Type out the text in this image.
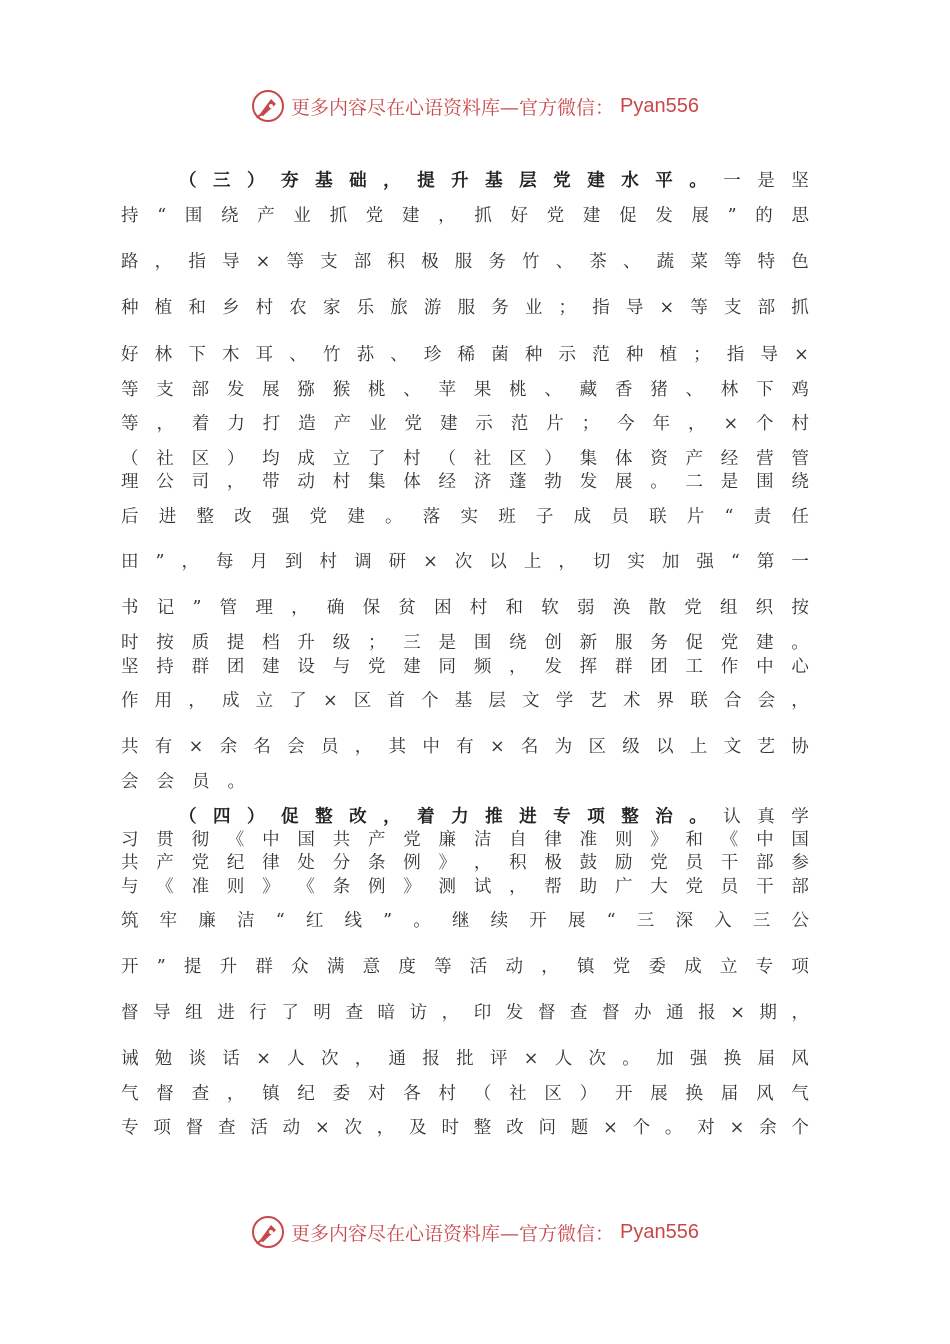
更多内容尽在心语资料库—官方微信： Pyan556
（ 三 ） 夯 基 础 ， 提 升 基 层 党 建 水 平 。 一 是 坚
持 “ 围 绕 产 业 抓 党 建 ， 抓 好 党 建 促 发 展 ” 的 思
路 ， 指 导 × 等 支 部 积 极 服 务 竹 、 茶 、 蔬 菜 等 特 色
种 植 和 乡 村 农 家 乐 旅 游 服 务 业 ； 指 导 × 等 支 部 抓
好 林 下 木 耳 、 竹 荪 、 珍 稀 菌 种 示 范 种 植 ； 指 导 ×
等 支 部 发 展 猕 猴 桃 、 苹 果 桃 、 藏 香 猪 、 林 下 鸡
等 ， 着 力 打 造 产 业 党 建 示 范 片 ； 今 年 ， × 个 村
（ 社 区 ） 均 成 立 了 村 （ 社 区 ） 集 体 资 产 经 营 管
理 公 司 ， 带 动 村 集 体 经 济 蓬 勃 发 展 。 二 是 围 绕
后 进 整 改 强 党 建 。 落 实 班 子 成 员 联 片 “ 责 任
田 ” ， 每 月 到 村 调 研 × 次 以 上 ， 切 实 加 强 “ 第 一
书 记 ” 管 理 ， 确 保 贫 困 村 和 软 弱 涣 散 党 组 织 按
时 按 质 提 档 升 级 ； 三 是 围 绕 创 新 服 务 促 党 建 。
坚 持 群 团 建 设 与 党 建 同 频 ， 发 挥 群 团 工 作 中 心
作 用 ， 成 立 了 × 区 首 个 基 层 文 学 艺 术 界 联 合 会 ，
共 有 × 余 名 会 员 ， 其 中 有 × 名 为 区 级 以 上 文 艺 协
会 会 员 。
（ 四 ） 促 整 改 ， 着 力 推 进 专 项 整 治 。 认 真 学
习 贯 彻 《 中 国 共 产 党 廉 洁 自 律 准 则 》 和 《 中 国
共 产 党 纪 律 处 分 条 例 》 ， 积 极 鼓 励 党 员 干 部 参
与 《 准 则 》 《 条 例 》 测 试 ， 帮 助 广 大 党 员 干 部
筑 牢 廉 洁 “ 红 线 ” 。 继 续 开 展 “ 三 深 入 三 公
开 ” 提 升 群 众 满 意 度 等 活 动 ， 镇 党 委 成 立 专 项
督 导 组 进 行 了 明 查 暗 访 ， 印 发 督 查 督 办 通 报 × 期 ，
诫 勉 谈 话 × 人 次 ， 通 报 批 评 × 人 次 。 加 强 换 届 风
气 督 查 ， 镇 纪 委 对 各 村 （ 社 区 ） 开 展 换 届 风 气
专 项 督 查 活 动 × 次 ， 及 时 整 改 问 题 × 个 。 对 × 余 个
更多内容尽在心语资料库—官方微信： Pyan556
